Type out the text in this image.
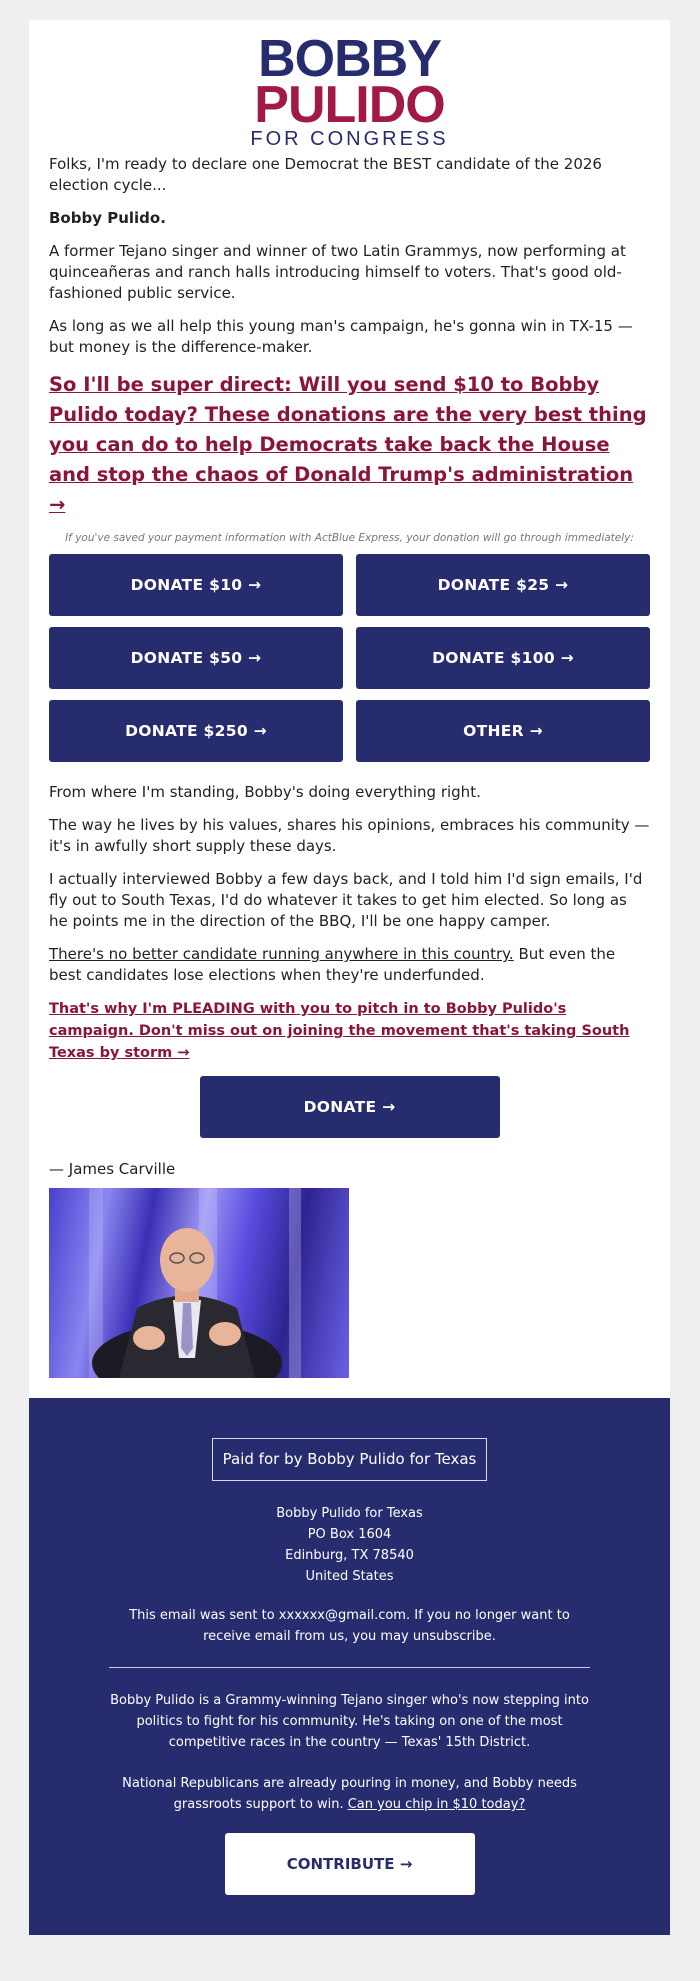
BOBBY
PULIDO
FOR CONGRESS

Folks, I'm ready to declare one Democrat the BEST candidate of the 2026 election cycle...

Bobby Pulido.

A former Tejano singer and winner of two Latin Grammys, now performing at quinceañeras and ranch halls introducing himself to voters. That's good old-fashioned public service.

As long as we all help this young man's campaign, he's gonna win in TX-15 — but money is the difference-maker.

So I'll be super direct: Will you send $10 to Bobby Pulido today? These donations are the very best thing you can do to help Democrats take back the House and stop the chaos of Donald Trump's administration →

If you've saved your payment information with ActBlue Express, your donation will go through immediately:
DONATE $10 →	DONATE $25 →
DONATE $50 →	DONATE $100 →
DONATE $250 →	OTHER →

From where I'm standing, Bobby's doing everything right.

The way he lives by his values, shares his opinions, embraces his community — it's in awfully short supply these days.

I actually interviewed Bobby a few days back, and I told him I'd sign emails, I'd fly out to South Texas, I'd do whatever it takes to get him elected. So long as he points me in the direction of the BBQ, I'll be one happy camper.

There's no better candidate running anywhere in this country. But even the best candidates lose elections when they're underfunded.

That's why I'm PLEADING with you to pitch in to Bobby Pulido's campaign. Don't miss out on joining the movement that's taking South Texas by storm →

DONATE →

— James Carville

Paid for by Bobby Pulido for Texas
Bobby Pulido for Texas
PO Box 1604
Edinburg, TX 78540
United States
This email was sent to xxxxxx@gmail.com. If you no longer want to receive email from us, you may unsubscribe.
Bobby Pulido is a Grammy-winning Tejano singer who's now stepping into politics to fight for his community. He's taking on one of the most competitive races in the country — Texas' 15th District.
National Republicans are already pouring in money, and Bobby needs grassroots support to win. Can you chip in $10 today?
CONTRIBUTE →
